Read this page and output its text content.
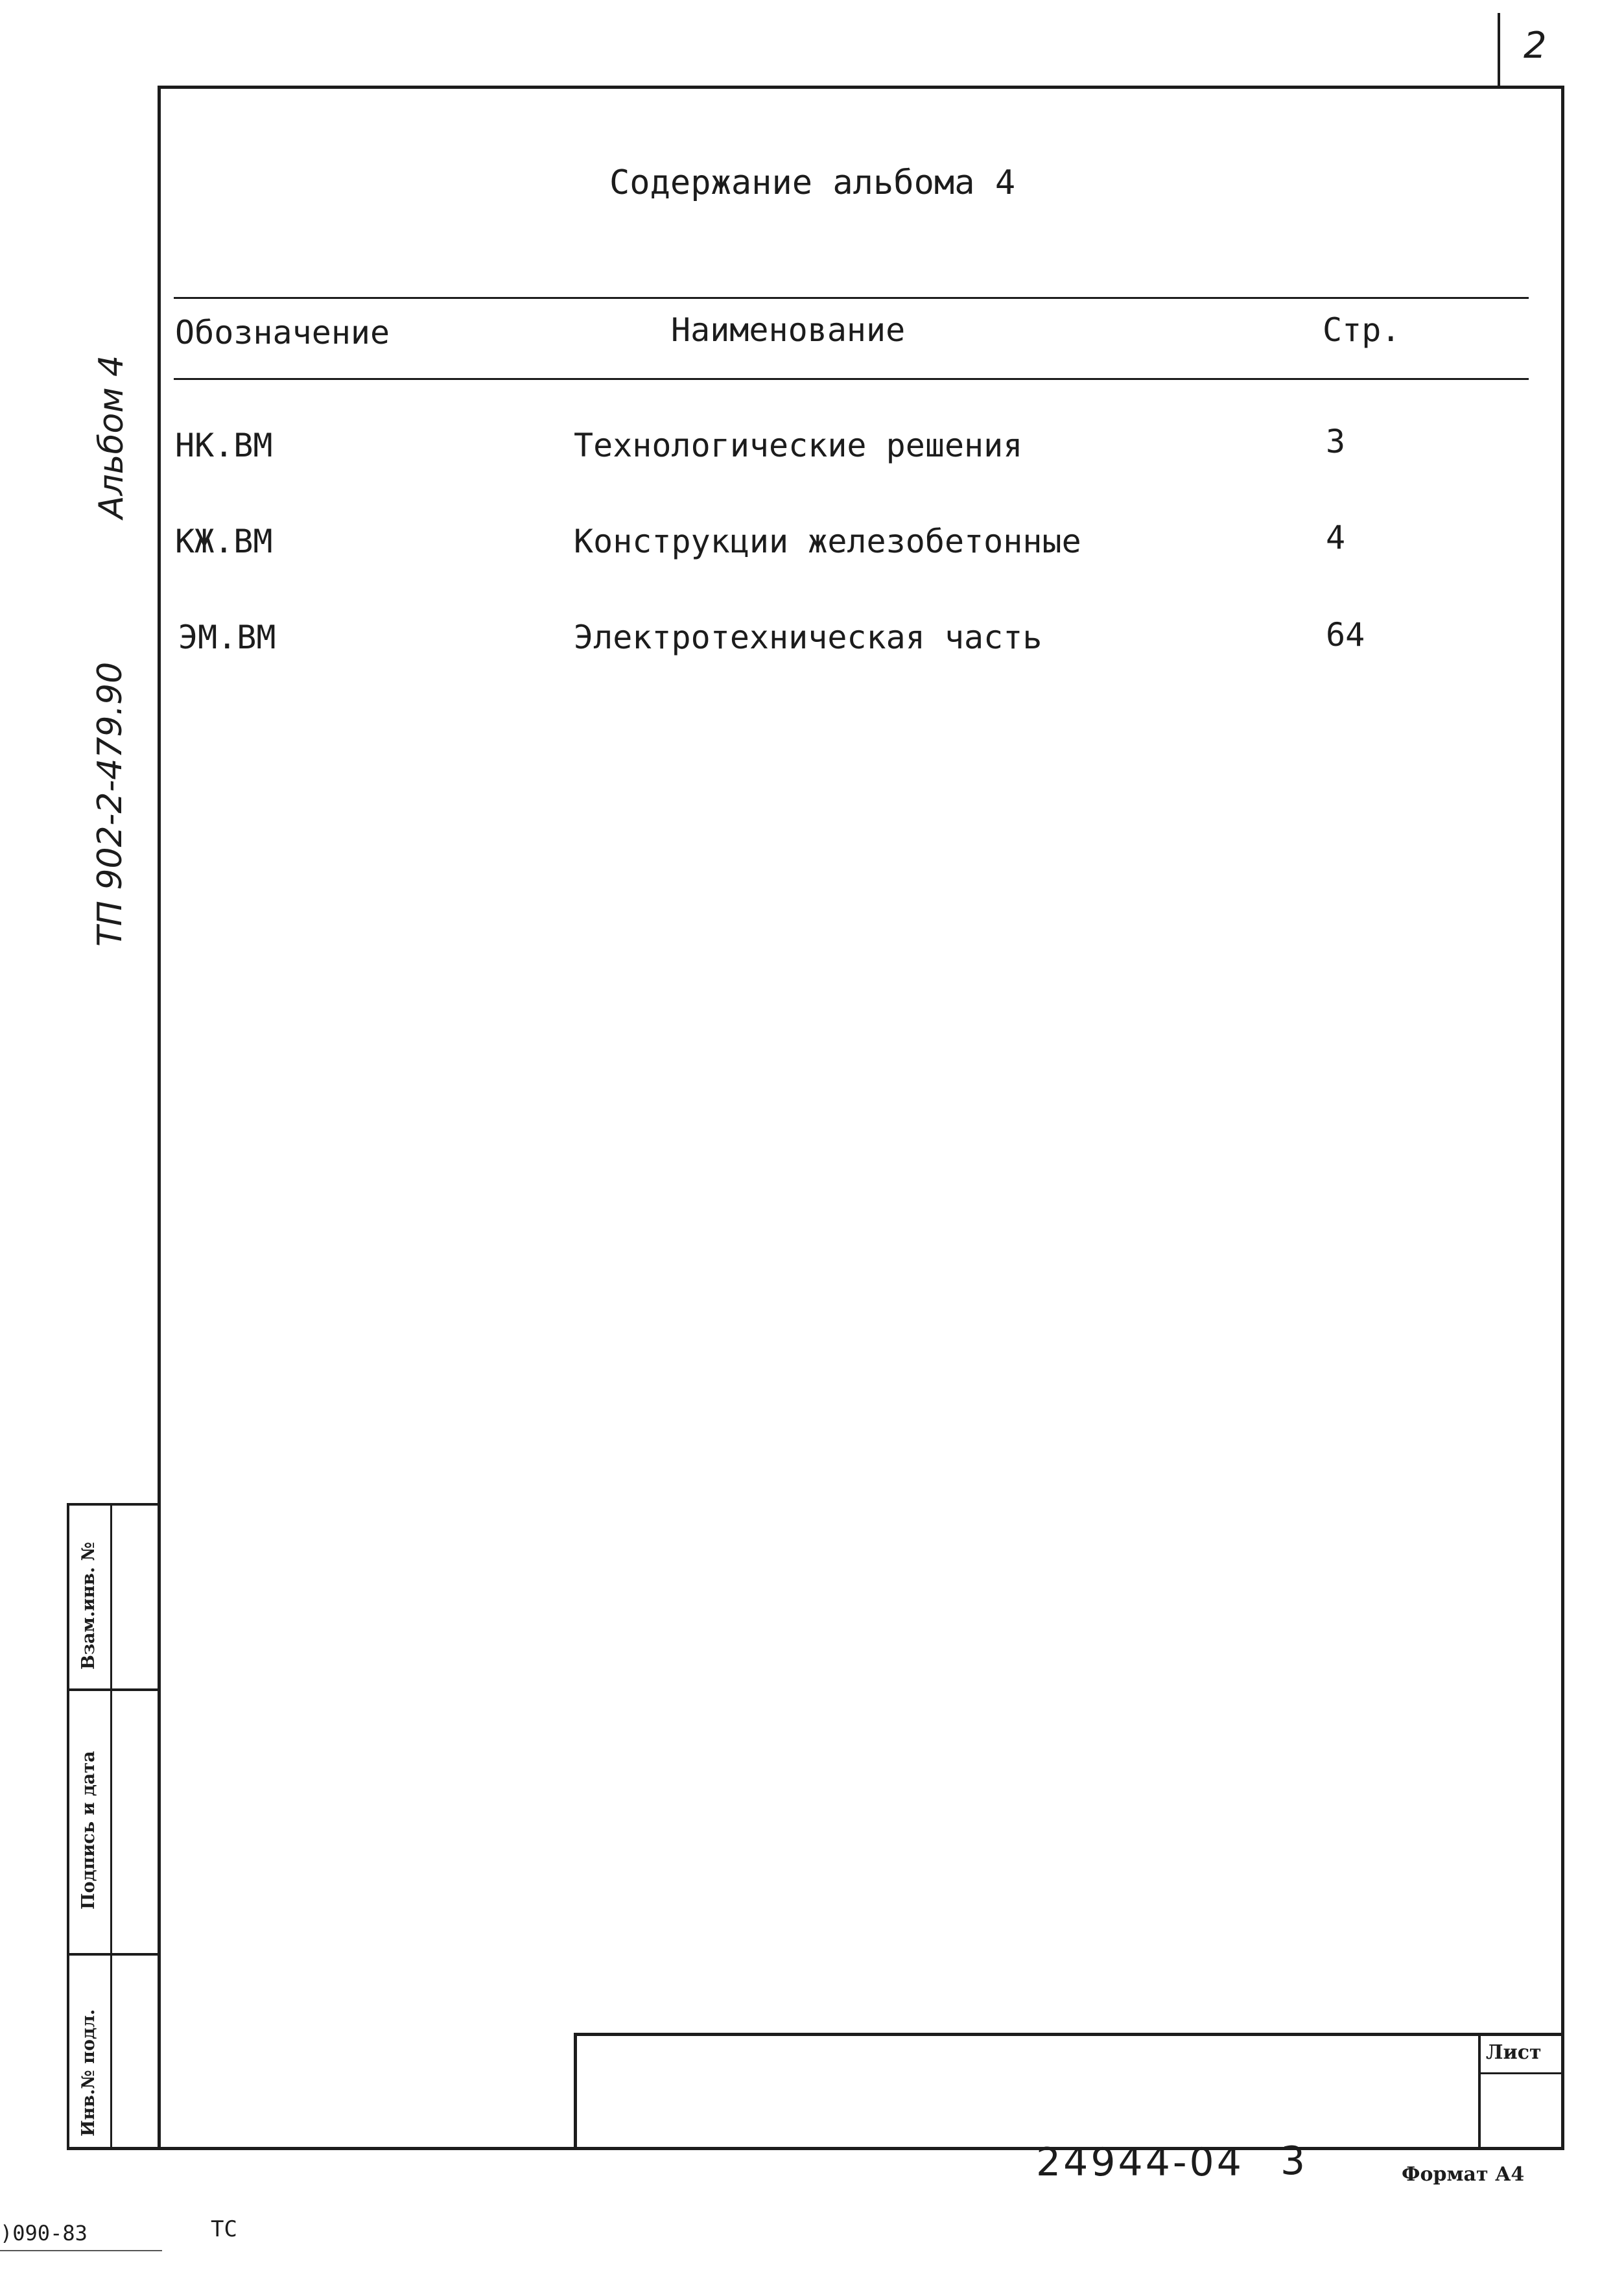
2
Содержание альбома 4
Обозначение	Наименование	Стр.
НК.ВМ	Технологические решения	3
КЖ.ВМ	Конструкции железобетонные	4
ЭМ.ВМ	Электротехническая часть	64
ТП 902-2-479.90
Альбом 4
Взам.инв. №
Подпись и дата
Инв.№ подл.	Лист
24944-04 3	Формат А4
)090-83	ТС
